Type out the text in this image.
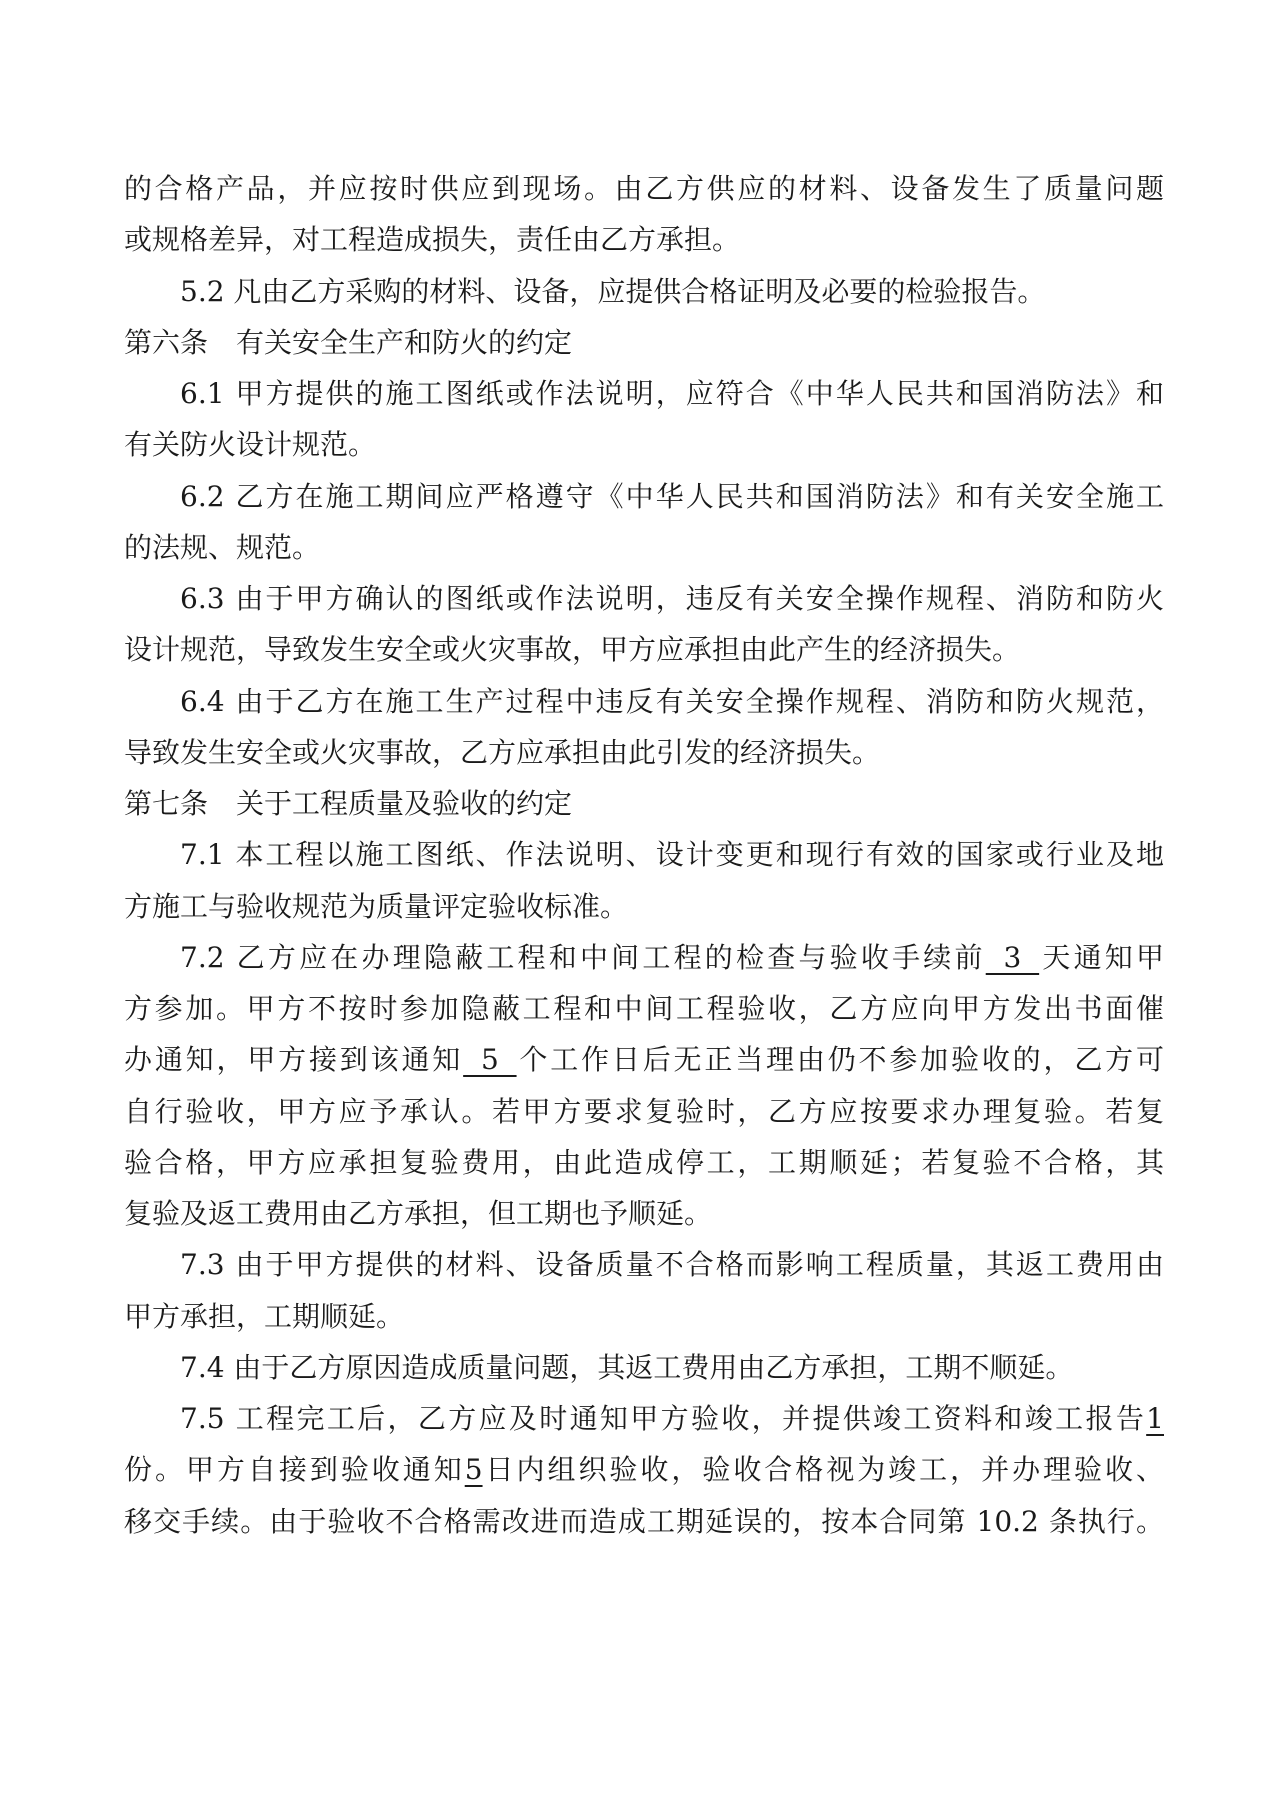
的合格产品，并应按时供应到现场。由乙方供应的材料、设备发生了质量问题
或规格差异，对工程造成损失，责任由乙方承担。
5.2 凡由乙方采购的材料、设备，应提供合格证明及必要的检验报告。
第六条 有关安全生产和防火的约定
6.1 甲方提供的施工图纸或作法说明，应符合《中华人民共和国消防法》和
有关防火设计规范。
6.2 乙方在施工期间应严格遵守《中华人民共和国消防法》和有关安全施工
的法规、规范。
6.3 由于甲方确认的图纸或作法说明，违反有关安全操作规程、消防和防火
设计规范，导致发生安全或火灾事故，甲方应承担由此产生的经济损失。
6.4 由于乙方在施工生产过程中违反有关安全操作规程、消防和防火规范，
导致发生安全或火灾事故，乙方应承担由此引发的经济损失。
第七条 关于工程质量及验收的约定
7.1 本工程以施工图纸、作法说明、设计变更和现行有效的国家或行业及地
方施工与验收规范为质量评定验收标准。
7.2 乙方应在办理隐蔽工程和中间工程的检查与验收手续前  3  天通知甲
方参加。甲方不按时参加隐蔽工程和中间工程验收，乙方应向甲方发出书面催
办通知，甲方接到该通知  5  个工作日后无正当理由仍不参加验收的，乙方可
自行验收，甲方应予承认。若甲方要求复验时，乙方应按要求办理复验。若复
验合格，甲方应承担复验费用，由此造成停工，工期顺延；若复验不合格，其
复验及返工费用由乙方承担，但工期也予顺延。
7.3 由于甲方提供的材料、设备质量不合格而影响工程质量，其返工费用由
甲方承担，工期顺延。
7.4 由于乙方原因造成质量问题，其返工费用由乙方承担，工期不顺延。
7.5 工程完工后，乙方应及时通知甲方验收，并提供竣工资料和竣工报告1
份。甲方自接到验收通知5日内组织验收，验收合格视为竣工，并办理验收、
移交手续。由于验收不合格需改进而造成工期延误的，按本合同第 10.2 条执行。
